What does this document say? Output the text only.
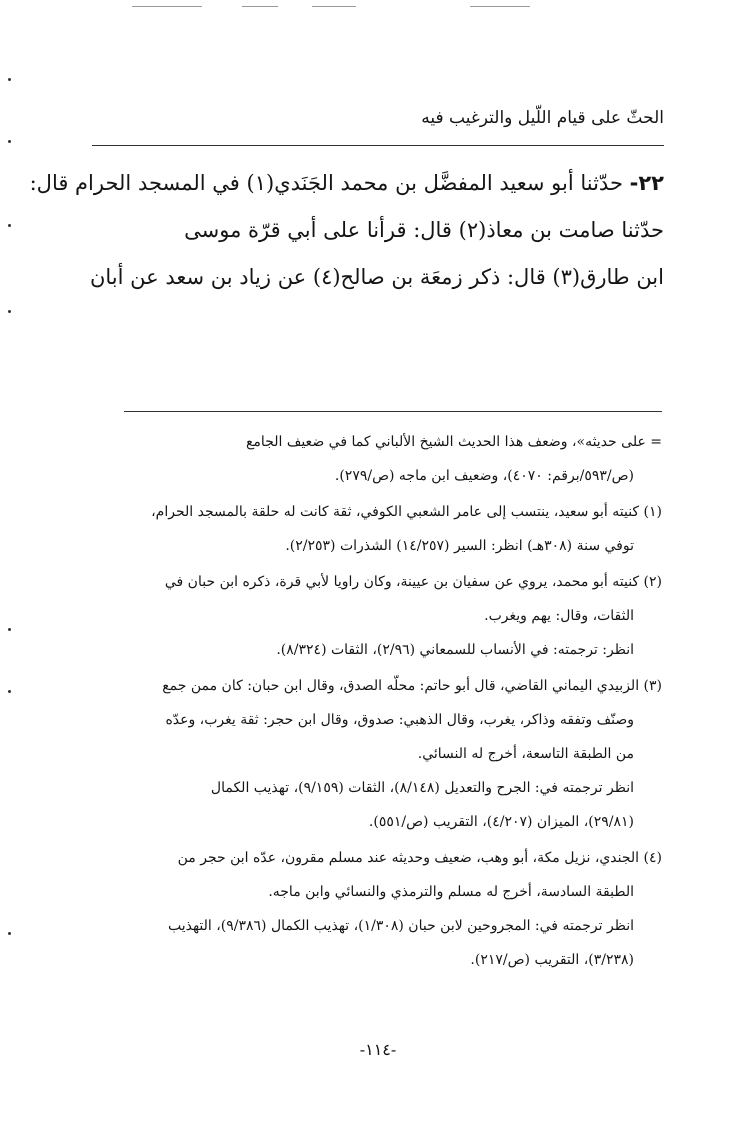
الحثّ على قيام اللّيل والترغيب فيه
٢٢- حدّثنا أبو سعيد المفضَّل بن محمد الجَنَدي(١) في المسجد الحرام قال:
حدّثنا صامت بن معاذ(٢) قال: قرأنا على أبي قرّة موسى
ابن طارق(٣) قال: ذكر زمعَة بن صالح(٤) عن زياد بن سعد عن أبان
= على حديثه»، وضعف هذا الحديث الشيخ الألباني كما في ضعيف الجامع
(ص/٥٩٣/برقم: ٤٠٧٠)، وضعيف ابن ماجه (ص/٢٧٩).
(١) كنيته أبو سعيد، ينتسب إلى عامر الشعبي الكوفي، ثقة كانت له حلقة بالمسجد الحرام،
توفي سنة (٣٠٨هـ) انظر: السير (١٤/٢٥٧) الشذرات (٢/٢٥٣).
(٢) كنيته أبو محمد، يروي عن سفيان بن عيينة، وكان راويا لأبي قرة، ذكره ابن حبان في
الثقات، وقال: يهم ويغرب.
انظر: ترجمته: في الأنساب للسمعاني (٢/٩٦)، الثقات (٨/٣٢٤).
(٣) الزبيدي اليماني القاضي، قال أبو حاتم: محلّه الصدق، وقال ابن حبان: كان ممن جمع
وصنّف وتفقه وذاكر، يغرب، وقال الذهبي: صدوق، وقال ابن حجر: ثقة يغرب، وعدّه
من الطبقة التاسعة، أخرج له النسائي.
انظر ترجمته في: الجرح والتعديل (٨/١٤٨)، الثقات (٩/١٥٩)، تهذيب الكمال
(٢٩/٨١)، الميزان (٤/٢٠٧)، التقريب (ص/٥٥١).
(٤) الجندي، نزيل مكة، أبو وهب، ضعيف وحديثه عند مسلم مقرون، عدّه ابن حجر من
الطبقة السادسة، أخرج له مسلم والترمذي والنسائي وابن ماجه.
انظر ترجمته في: المجروحين لابن حبان (١/٣٠٨)، تهذيب الكمال (٩/٣٨٦)، التهذيب
(٣/٢٣٨)، التقريب (ص/٢١٧).
-١١٤-
